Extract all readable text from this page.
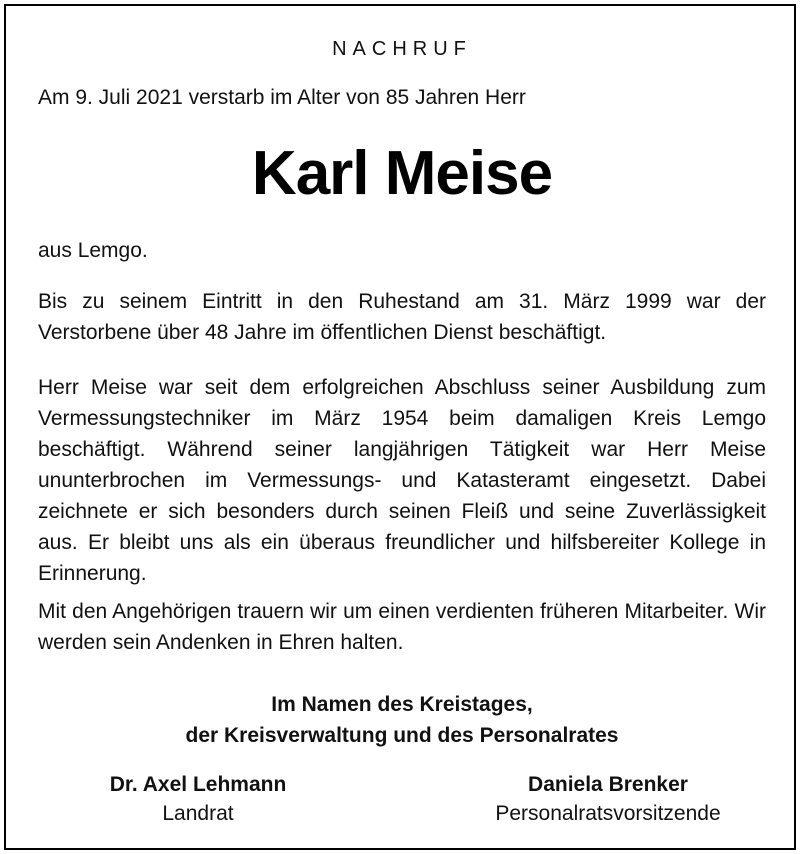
NACHRUF
Am 9. Juli 2021 verstarb im Alter von 85 Jahren Herr
Karl Meise
aus Lemgo.
Bis zu seinem Eintritt in den Ruhestand am 31. März 1999 war der Verstorbene über 48 Jahre im öffentlichen Dienst beschäftigt.
Herr Meise war seit dem erfolgreichen Abschluss seiner Ausbildung zum Vermessungstechniker im März 1954 beim damaligen Kreis Lemgo beschäftigt. Während seiner langjährigen Tätigkeit war Herr Meise ununterbrochen im Vermessungs- und Katasteramt eingesetzt. Dabei zeichnete er sich besonders durch seinen Fleiß und seine Zuverlässigkeit aus. Er bleibt uns als ein überaus freundlicher und hilfsbereiter Kollege in Erinnerung.
Mit den Angehörigen trauern wir um einen verdienten früheren Mitarbeiter. Wir werden sein Andenken in Ehren halten.
Im Namen des Kreistages,
der Kreisverwaltung und des Personalrates
Dr. Axel Lehmann
Landrat
Daniela Brenker
Personalratsvorsitzende
